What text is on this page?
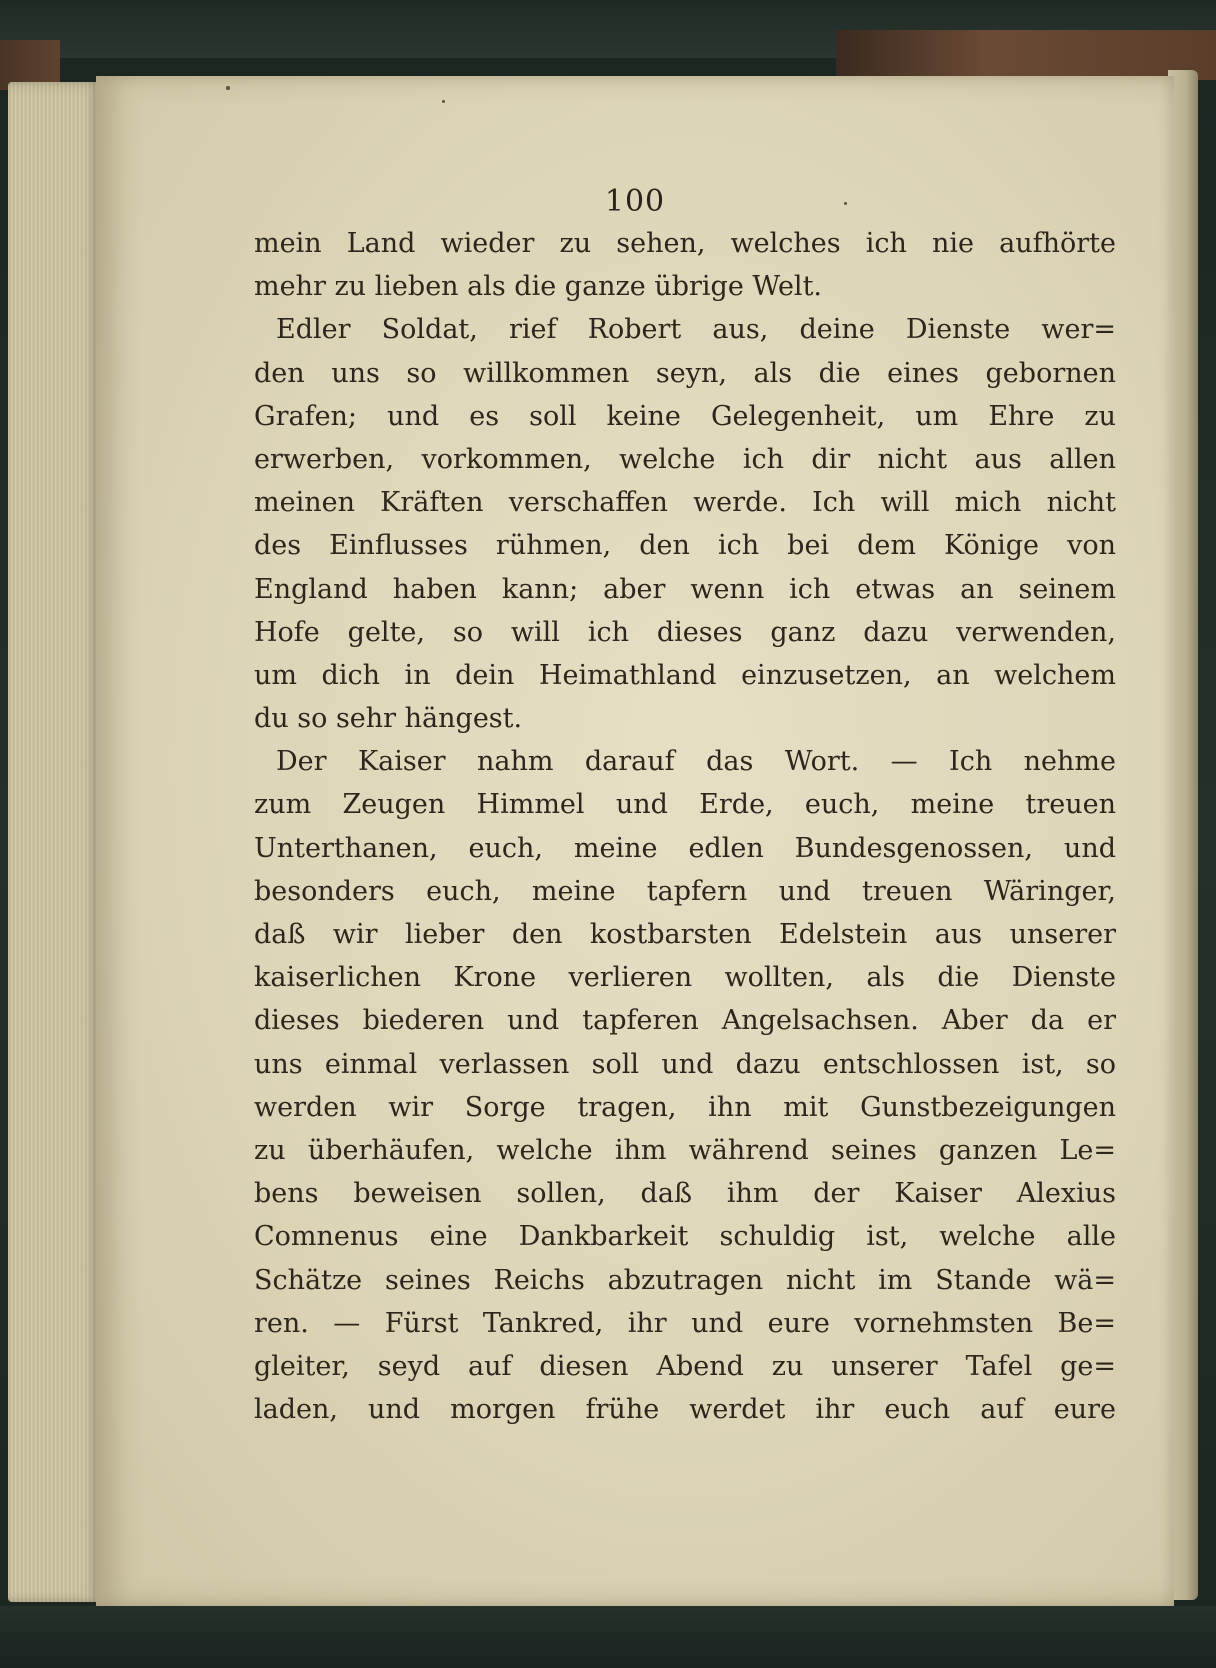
100
mein Land wieder zu sehen, welches ich nie aufhörte
mehr zu lieben als die ganze übrige Welt.
Edler Soldat, rief Robert aus, deine Dienste wer=
den uns so willkommen seyn, als die eines gebornen
Grafen; und es soll keine Gelegenheit, um Ehre zu
erwerben, vorkommen, welche ich dir nicht aus allen
meinen Kräften verschaffen werde. Ich will mich nicht
des Einflusses rühmen, den ich bei dem Könige von
England haben kann; aber wenn ich etwas an seinem
Hofe gelte, so will ich dieses ganz dazu verwenden,
um dich in dein Heimathland einzusetzen, an welchem
du so sehr hängest.
Der Kaiser nahm darauf das Wort. — Ich nehme
zum Zeugen Himmel und Erde, euch, meine treuen
Unterthanen, euch, meine edlen Bundesgenossen, und
besonders euch, meine tapfern und treuen Wäringer,
daß wir lieber den kostbarsten Edelstein aus unserer
kaiserlichen Krone verlieren wollten, als die Dienste
dieses biederen und tapferen Angelsachsen. Aber da er
uns einmal verlassen soll und dazu entschlossen ist, so
werden wir Sorge tragen, ihn mit Gunstbezeigungen
zu überhäufen, welche ihm während seines ganzen Le=
bens beweisen sollen, daß ihm der Kaiser Alexius
Comnenus eine Dankbarkeit schuldig ist, welche alle
Schätze seines Reichs abzutragen nicht im Stande wä=
ren. — Fürst Tankred, ihr und eure vornehmsten Be=
gleiter, seyd auf diesen Abend zu unserer Tafel ge=
laden, und morgen frühe werdet ihr euch auf eure
